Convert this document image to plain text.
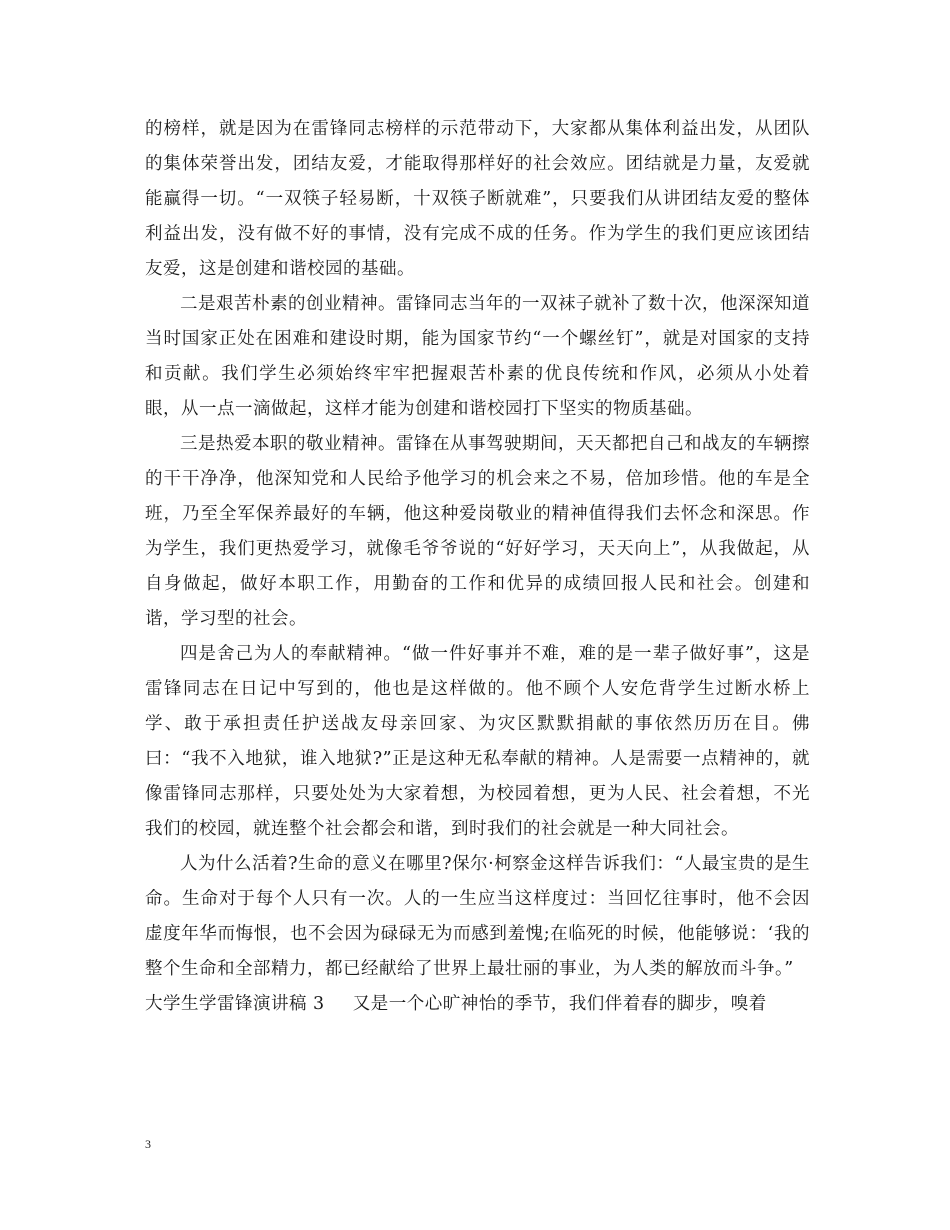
的榜样，就是因为在雷锋同志榜样的示范带动下，大家都从集体利益出发，从团队的集体荣誉出发，团结友爱，才能取得那样好的社会效应。团结就是力量，友爱就能赢得一切。“一双筷子轻易断，十双筷子断就难”，只要我们从讲团结友爱的整体利益出发，没有做不好的事情，没有完成不成的任务。作为学生的我们更应该团结友爱，这是创建和谐校园的基础。

二是艰苦朴素的创业精神。雷锋同志当年的一双袜子就补了数十次，他深深知道当时国家正处在困难和建设时期，能为国家节约“一个螺丝钉”，就是对国家的支持和贡献。我们学生必须始终牢牢把握艰苦朴素的优良传统和作风，必须从小处着眼，从一点一滴做起，这样才能为创建和谐校园打下坚实的物质基础。

三是热爱本职的敬业精神。雷锋在从事驾驶期间，天天都把自己和战友的车辆擦的干干净净，他深知党和人民给予他学习的机会来之不易，倍加珍惜。他的车是全班，乃至全军保养最好的车辆，他这种爱岗敬业的精神值得我们去怀念和深思。作为学生，我们更热爱学习，就像毛爷爷说的“好好学习，天天向上”，从我做起，从自身做起，做好本职工作，用勤奋的工作和优异的成绩回报人民和社会。创建和谐，学习型的社会。

四是舍己为人的奉献精神。“做一件好事并不难，难的是一辈子做好事”，这是雷锋同志在日记中写到的，他也是这样做的。他不顾个人安危背学生过断水桥上学、敢于承担责任护送战友母亲回家、为灾区默默捐献的事依然历历在目。佛曰：“我不入地狱，谁入地狱?”正是这种无私奉献的精神。人是需要一点精神的，就像雷锋同志那样，只要处处为大家着想，为校园着想，更为人民、社会着想，不光我们的校园，就连整个社会都会和谐，到时我们的社会就是一种大同社会。

人为什么活着?生命的意义在哪里?保尔·柯察金这样告诉我们：“人最宝贵的是生命。生命对于每个人只有一次。人的一生应当这样度过：当回忆往事时，他不会因虚度年华而悔恨，也不会因为碌碌无为而感到羞愧;在临死的时候，他能够说：‘我的整个生命和全部精力，都已经献给了世界上最壮丽的事业，为人类的解放而斗争。”

大学生学雷锋演讲稿 3 又是一个心旷神怡的季节，我们伴着春的脚步，嗅着

3
